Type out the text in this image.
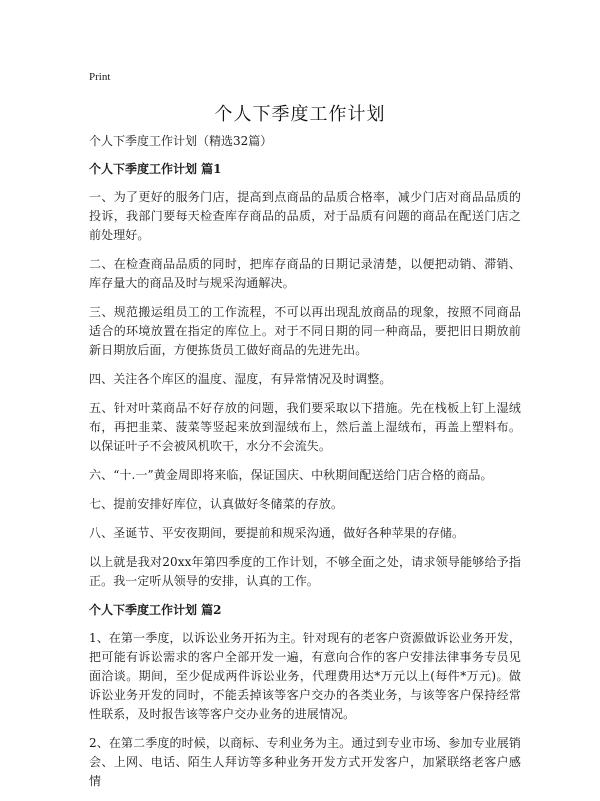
Print
个人下季度工作计划

个人下季度工作计划（精选32篇）

个人下季度工作计划 篇1

一、为了更好的服务门店，提高到点商品的品质合格率，减少门店对商品品质的投诉，我部门要每天检查库存商品的品质，对于品质有问题的商品在配送门店之前处理好。

二、在检查商品品质的同时，把库存商品的日期记录清楚，以便把动销、滞销、库存量大的商品及时与规采沟通解决。

三、规范搬运组员工的工作流程，不可以再出现乱放商品的现象，按照不同商品适合的环境放置在指定的库位上。对于不同日期的同一种商品，要把旧日期放前新日期放后面，方便拣货员工做好商品的先进先出。

四、关注各个库区的温度、湿度，有异常情况及时调整。

五、针对叶菜商品不好存放的问题，我们要采取以下措施。先在栈板上钉上湿绒布，再把韭菜、菠菜等竖起来放到湿绒布上，然后盖上湿绒布，再盖上塑料布。以保证叶子不会被风机吹干，水分不会流失。

六、“十.一”黄金周即将来临，保证国庆、中秋期间配送给门店合格的商品。

七、提前安排好库位，认真做好冬储菜的存放。

八、圣诞节、平安夜期间，要提前和规采沟通，做好各种苹果的存储。

以上就是我对20xx年第四季度的工作计划，不够全面之处，请求领导能够给予指正。我一定听从领导的安排，认真的工作。

个人下季度工作计划 篇2

1、在第一季度，以诉讼业务开拓为主。针对现有的老客户资源做诉讼业务开发，把可能有诉讼需求的客户全部开发一遍，有意向合作的客户安排法律事务专员见面洽谈。期间，至少促成两件诉讼业务，代理费用达*万元以上(每件*万元)。做诉讼业务开发的同时，不能丢掉该等客户交办的各类业务，与该等客户保持经常性联系，及时报告该等客户交办业务的进展情况。

2、在第二季度的时候，以商标、专利业务为主。通过到专业市场、参加专业展销会、上网、电话、陌生人拜访等多种业务开发方式开发客户，加紧联络老客户感情
